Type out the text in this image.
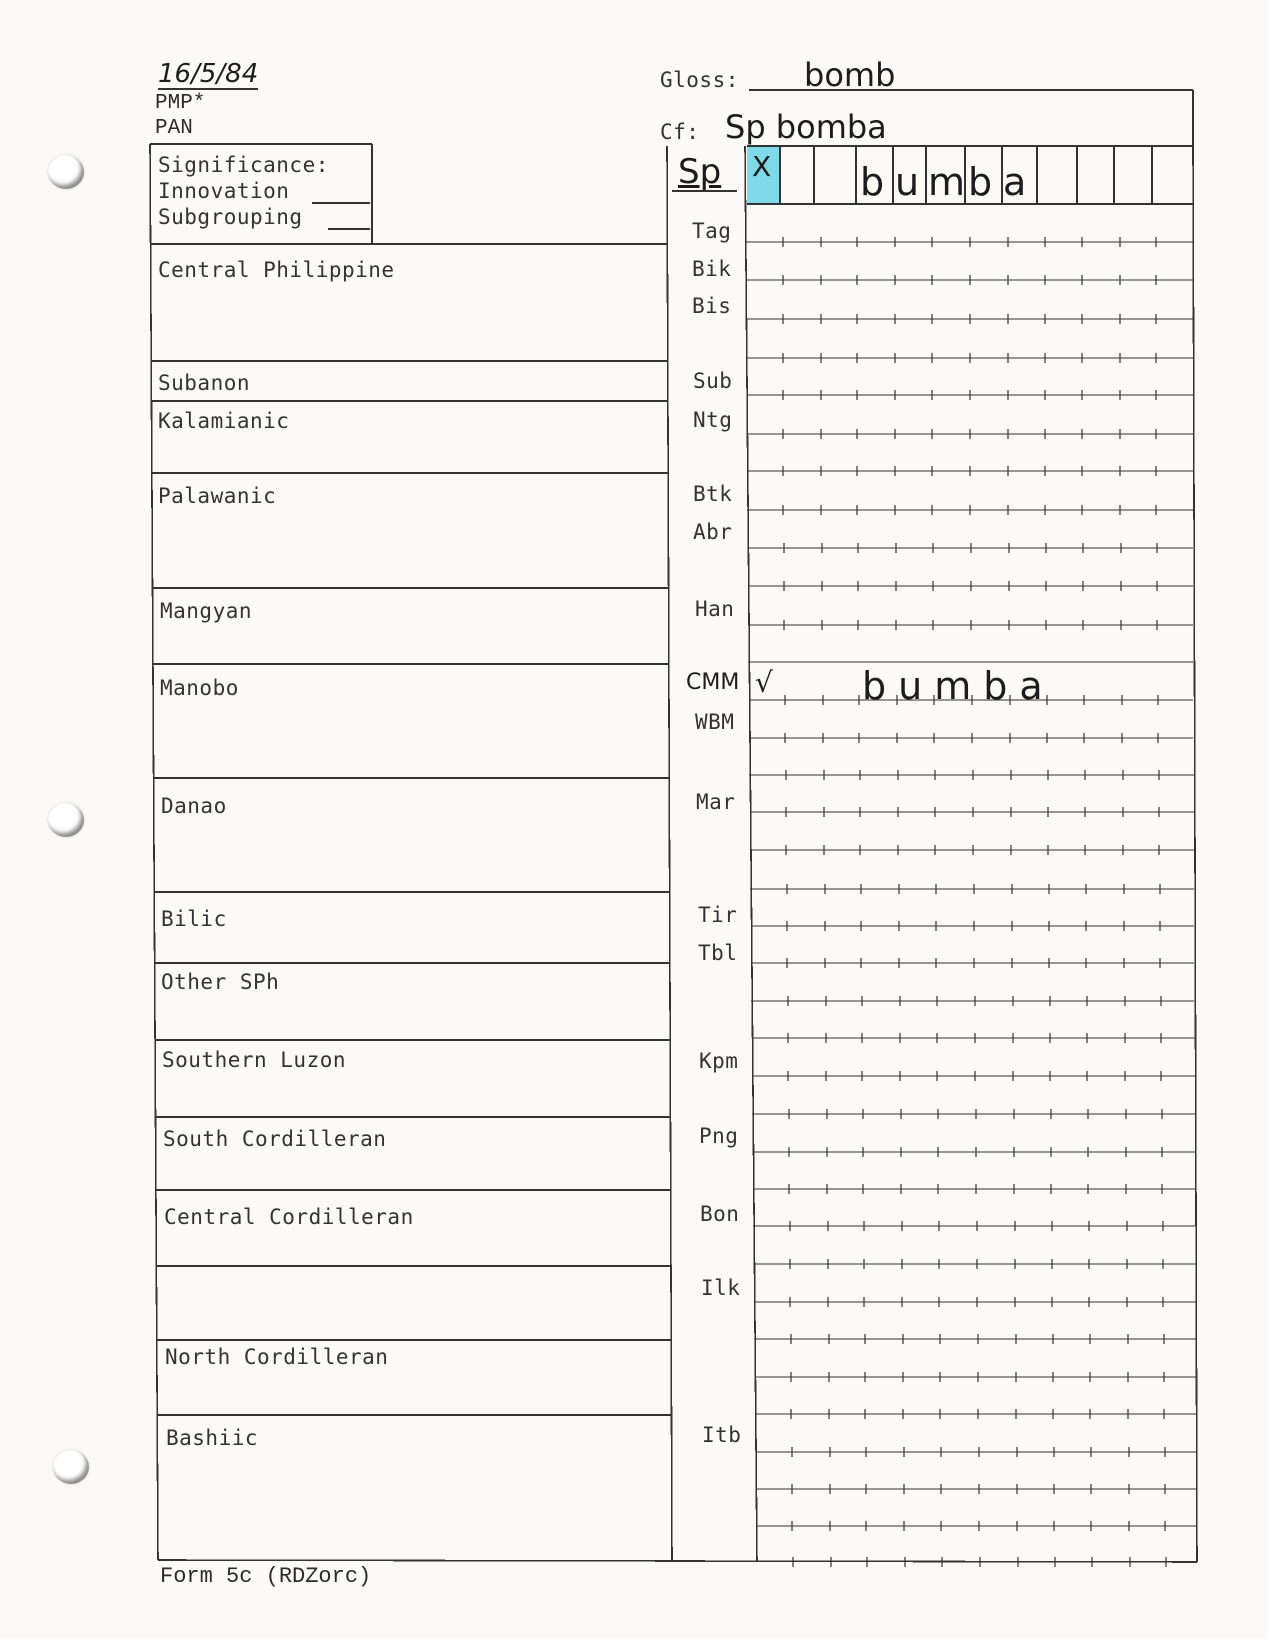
16/5/84
PMP*
PAN
Gloss: bomb
Cf: Sp bomba
Significance:
Innovation
Subgrouping
Sp X b u m b a
Central Philippine
Subanon
Kalamianic
Palawanic
Mangyan
Manobo
Danao
Bilic
Other SPh
Southern Luzon
South Cordilleran
Central Cordilleran
North Cordilleran
Bashiic
Tag
Bik
Bis
Sub
Ntg
Btk
Abr
Han
CMM
WBM
Mar
Tir
Tbl
Kpm
Png
Bon
Ilk
Itb
√ bumba
Form 5c (RDZorc)
